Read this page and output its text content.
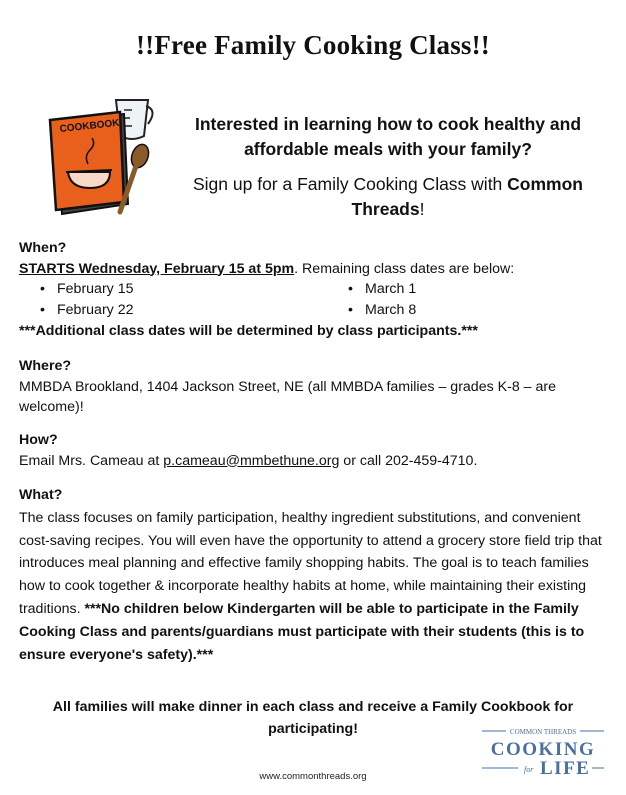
!!Free Family Cooking Class!!
COOKBOOK	Interested in learning how to cook healthy and affordable meals with your family?

Sign up for a Family Cooking Class with Common Threads!

When?

STARTS Wednesday, February 15 at 5pm. Remaining class dates are below:

• February 15
• February 22
• March 1
• March 8

***Additional class dates will be determined by class participants.***

Where?

MMBDA Brookland, 1404 Jackson Street, NE (all MMBDA families – grades K-8 – are welcome)!

How?

Email Mrs. Cameau at p.cameau@mmbethune.org or call 202-459-4710.

What?

The class focuses on family participation, healthy ingredient substitutions, and convenient cost-saving recipes. You will even have the opportunity to attend a grocery store field trip that introduces meal planning and effective family shopping habits. The goal is to teach families how to cook together & incorporate healthy habits at home, while maintaining their existing traditions. ***No children below Kindergarten will be able to participate in the Family Cooking Class and parents/guardians must participate with their students (this is to ensure everyone's safety).***

All families will make dinner in each class and receive a Family Cookbook for participating!	COMMON THREADS
COOKING
for LIFE
www.commonthreads.org
